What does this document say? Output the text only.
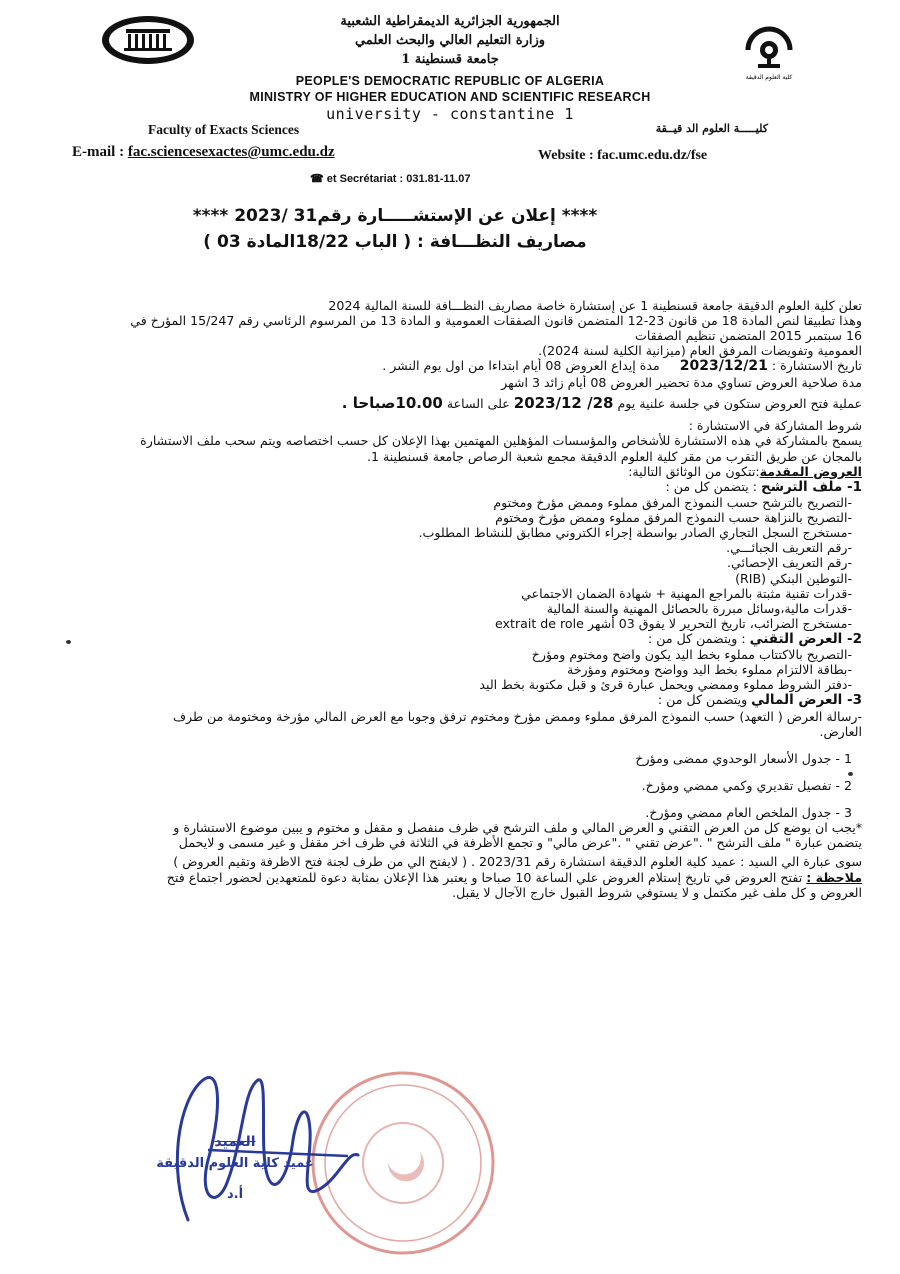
كلية العلوم الدقيقة
الجمهورية الجزائرية الديمقراطية الشعبية
وزارة التعليم العالي والبحث العلمي
جامعة قسنطينة 1
PEOPLE'S DEMOCRATIC REPUBLIC OF ALGERIA
MINISTRY OF HIGHER EDUCATION AND SCIENTIFIC RESEARCH
university - constantine 1
Faculty of Exacts Sciences	كليـــــة العلوم الد قيــقة
E-mail : fac.sciencesexactes@umc.edu.dz	Website : fac.umc.edu.dz/fse
☎ et Secrétariat : 031.81-11.07
**** إعلان عن الإستشـــــارة رقم31 /2023 ****
مصاريف النظـــافة : ( الباب 18/22المادة 03 )
تعلن كلية العلوم الدقيقة جامعة قسنطينة 1 عن إستشارة خاصة مصاريف النظـــافة للسنة المالية 2024
وهذا تطبيقا لنص المادة 18 من قانون 23-12 المتضمن قانون الصفقات العمومية و المادة 13 من المرسوم الرئاسي رقم 15/247 المؤرخ في
16 سبتمبر 2015 المتضمن تنظيم الصفقات
العمومية وتفويضات المرفق العام (ميزانية الكلية لسنة 2024).
تاريخ الاستشارة : 2023/12/21     مدة إيداع العروض 08 أيام ابتداءا من اول يوم النشر .
مدة صلاحية العروض تساوي مدة تحضير العروض 08 أيام زائد 3 اشهر
عملية فتح العروض ستكون في جلسة علنية يوم 28/ 2023/12 على الساعة 10.00صباحا .
شروط المشاركة في الاستشارة :
يسمح بالمشاركة في هذه الاستشارة للأشخاص والمؤسسات المؤهلين المهتمين بهذا الإعلان كل حسب اختصاصه ويتم سحب ملف الاستشارة
بالمجان عن طريق التقرب من مقر كلية العلوم الدقيقة مجمع شعبة الرصاص جامعة قسنطينة 1.
العروض المقدمة:تتكون من الوثائق التالية:
1- ملف الترشح : يتضمن كل من :
-التصريح بالترشح حسب النموذج المرفق مملوء وممض مؤرخ ومختوم
-التصريح بالنزاهة حسب النموذج المرفق مملوء وممض مؤرخ ومختوم
-مستخرج السجل التجاري الصادر بواسطة إجراء الكتروني مطابق للنشاط المطلوب.
-رقم التعريف الجبائـــي.
-رقم التعريف الإحصائي.
-التوطين البنكي (RIB)
-قدرات تقنية مثبتة بالمراجع المهنية + شهادة الضمان الاجتماعي
-قدرات مالية،وسائل مبررة بالحصائل المهنية والسنة المالية
-مستخرج الضرائب، تاريخ التحرير لا يفوق 03 أشهر extrait de role
2- العرض التقني : ويتضمن كل من :
-التصريح بالاكتتاب مملوء بخط اليد يكون واضح ومختوم ومؤرخ
-بطاقة الالتزام مملوء بخط اليد وواضح ومختوم ومؤرخة
-دفتر الشروط مملوء وممضي ويحمل عبارة قرئ و قبل مكتوبة بخط اليد
3- العرض المالي ويتضمن كل من :
-رسالة العرض ( التعهد) حسب النموذج المرفق مملوء وممض مؤرخ ومختوم ترفق وجوبا مع العرض المالي مؤرخة ومختومة من طرف
العارض.
1 - جدول الأسعار الوحدوي ممضى ومؤرخ
2 - تفصيل تقديري وكمي ممضي ومؤرخ.
3 - جدول الملخص العام ممضي ومؤرخ.
*يجب ان يوضع كل من العرض التقني و العرض المالي و ملف الترشح في ظرف منفصل و مقفل و مختوم و يبين موضوع الاستشارة و
يتضمن عبارة " ملف الترشح " ."عرض تقني " ."عرض مالي" و تجمع الأظرفة في الثلاثة في ظرف اخر مقفل و غير مسمى و لايحمل
سوى عبارة الي السيد : عميد كلية العلوم الدقيقة استشارة رقم 2023/31 . ( لايفتح الي من طرف لجنة فتح الاظرفة وتقيم العروض )
ملاحظة : تفتح العروض في تاريخ إستلام العروض علي الساعة 10 صباحا و يعتبر هذا الإعلان بمثابة دعوة للمتعهدين لحضور اجتماع فتح
العروض و كل ملف غير مكتمل و لا يستوفي شروط القبول خارج الآجال لا يقبل.
العميد
عميد كلية العلوم الدقيقة
أ.د
